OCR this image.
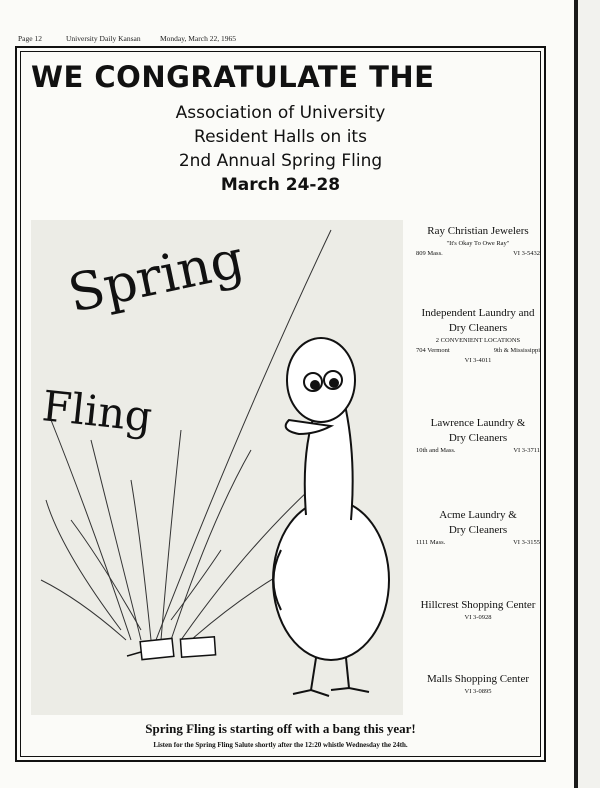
Page 12	University Daily Kansan	Monday, March 22, 1965
WE CONGRATULATE THE
Association of University
Resident Halls on its
2nd Annual Spring Fling
March 24-28
Spring
Fling
Ray Christian Jewelers
"It's Okay To Owe Ray"
809 Mass.	VI 3-5432
Independent Laundry and
Dry Cleaners
2 CONVENIENT LOCATIONS
704 Vermont	9th & Mississippi
VI 3-4011
Lawrence Laundry &
Dry Cleaners
10th and Mass.	VI 3-3711
Acme Laundry &
Dry Cleaners
1111 Mass.	VI 3-3155
Hillcrest Shopping Center
VI 3-0928
Malls Shopping Center
VI 3-0895
Spring Fling is starting off with a bang this year!
Listen for the Spring Fling Salute shortly after the 12:20 whistle Wednesday the 24th.
